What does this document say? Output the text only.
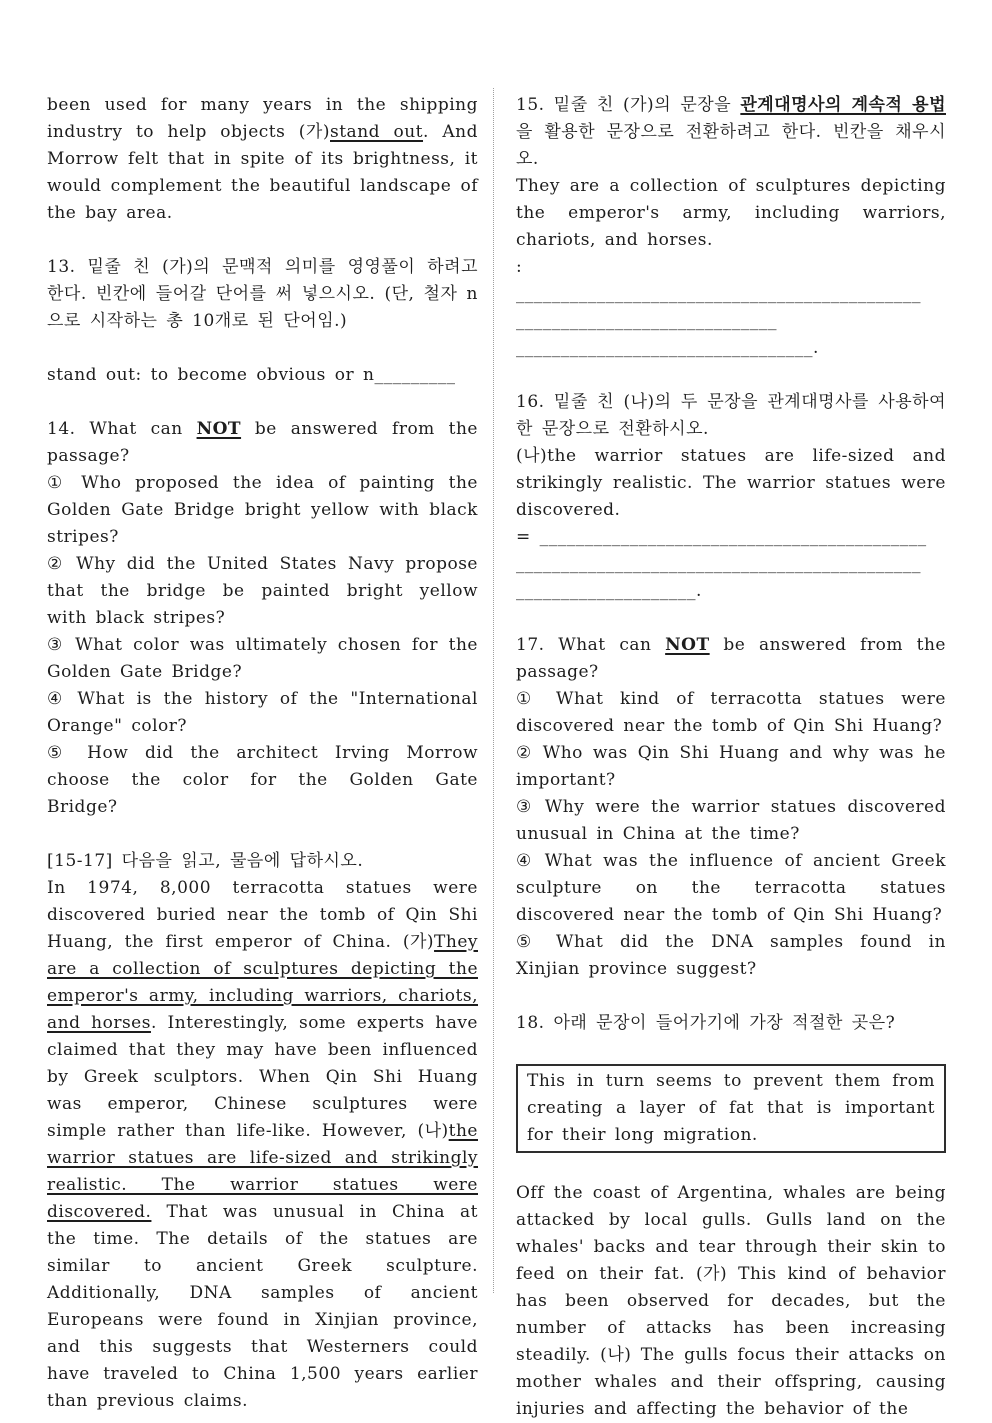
been used for many years in the shipping industry to help objects (가)stand out. And Morrow felt that in spite of its brightness, it would complement the beautiful landscape of the bay area.

13. 밑줄 친 (가)의 문맥적 의미를 영영풀이 하려고 한다. 빈칸에 들어갈 단어를 써 넣으시오. (단, 철자 n으로 시작하는 총 10개로 된 단어임.)

stand out: to become obvious or n_________

14. What can NOT be answered from the passage?

① Who proposed the idea of painting the Golden Gate Bridge bright yellow with black stripes?

② Why did the United States Navy propose that the bridge be painted bright yellow with black stripes?

③ What color was ultimately chosen for the Golden Gate Bridge?

④ What is the history of the "International Orange" color?

⑤ How did the architect Irving Morrow choose the color for the Golden Gate Bridge?

[15-17] 다음을 읽고, 물음에 답하시오.

In 1974, 8,000 terracotta statues were discovered buried near the tomb of Qin Shi Huang, the first emperor of China. (가)They are a collection of sculptures depicting the emperor's army, including warriors, chariots, and horses. Interestingly, some experts have claimed that they may have been influenced by Greek sculptors. When Qin Shi Huang was emperor, Chinese sculptures were simple rather than life-like. However, (나)the warrior statues are life-sized and strikingly realistic. The warrior statues were discovered. That was unusual in China at the time. The details of the statues are similar to ancient Greek sculpture. Additionally, DNA samples of ancient Europeans were found in Xinjian province, and this suggests that Westerners could have traveled to China 1,500 years earlier than previous claims.

15. 밑줄 친 (가)의 문장을 관계대명사의 계속적 용법을 활용한 문장으로 전환하려고 한다. 빈칸을 채우시오.

They are a collection of sculptures depicting the emperor's army, including warriors, chariots, and horses.

:

_____________________________________________

_____________________________

_________________________________.

16. 밑줄 친 (나)의 두 문장을 관계대명사를 사용하여 한 문장으로 전환하시오.

(나)the warrior statues are life-sized and strikingly realistic. The warrior statues were discovered.

= ___________________________________________

_____________________________________________

____________________.

17. What can NOT be answered from the passage?

① What kind of terracotta statues were discovered near the tomb of Qin Shi Huang?

② Who was Qin Shi Huang and why was he important?

③ Why were the warrior statues discovered unusual in China at the time?

④ What was the influence of ancient Greek sculpture on the terracotta statues discovered near the tomb of Qin Shi Huang?

⑤ What did the DNA samples found in Xinjian province suggest?

18. 아래 문장이 들어가기에 가장 적절한 곳은?

This in turn seems to prevent them from creating a layer of fat that is important for their long migration.

Off the coast of Argentina, whales are being attacked by local gulls. Gulls land on the whales' backs and tear through their skin to feed on their fat. (가) This kind of behavior has been observed for decades, but the number of attacks has been increasing steadily. (나) The gulls focus their attacks on mother whales and their offspring, causing injuries and affecting the behavior of the
